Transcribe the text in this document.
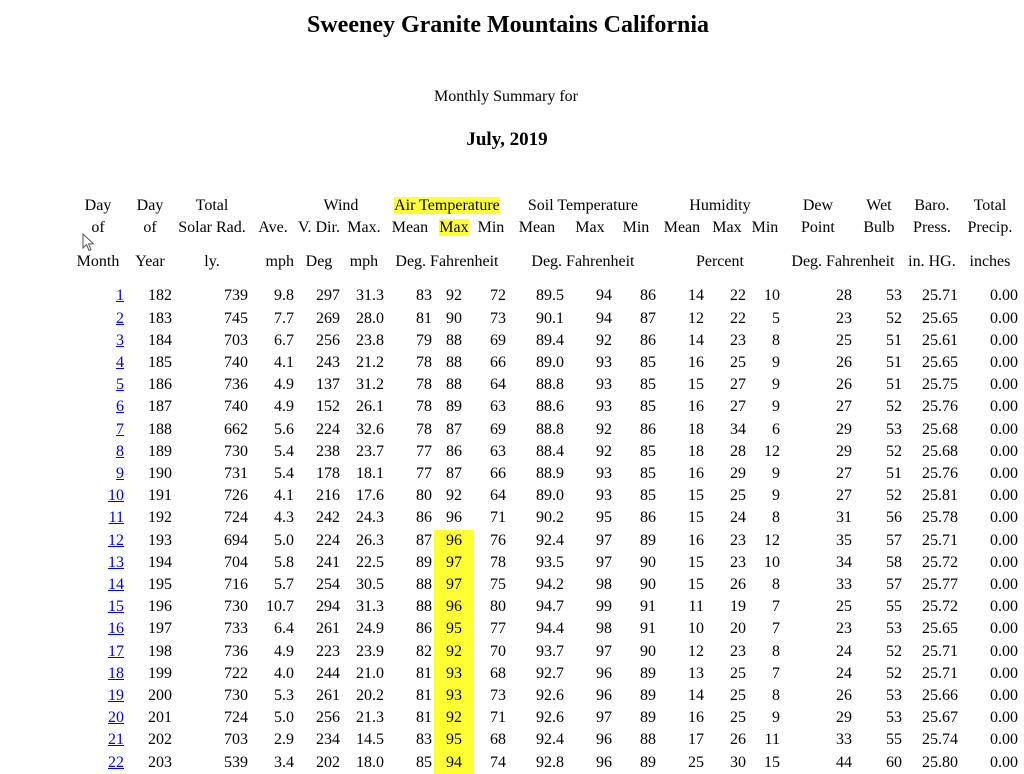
Sweeney Granite Mountains California

Monthly Summary for

July, 2019

Day	Day	Total		Wind		Air Temperature			Soil Temperature			Humidity			Dew	Wet	Baro.	Total
of	of	Solar Rad.	Ave.	V. Dir.	Max.	Mean	Max	Min	Mean	Max	Min	Mean	Max	Min	Point	Bulb	Press.	Precip.
Month	Year	ly.	mph	Deg	mph	Deg. Fahrenheit			Deg. Fahrenheit			Percent			Deg. Fahrenheit		in. HG.	inches
1	182	739	9.8	297	31.3	83	92	72	89.5	94	86	14	22	10	28	53	25.71	0.00
2	183	745	7.7	269	28.0	81	90	73	90.1	94	87	12	22	5	23	52	25.65	0.00
3	184	703	6.7	256	23.8	79	88	69	89.4	92	86	14	23	8	25	51	25.61	0.00
4	185	740	4.1	243	21.2	78	88	66	89.0	93	85	16	25	9	26	51	25.65	0.00
5	186	736	4.9	137	31.2	78	88	64	88.8	93	85	15	27	9	26	51	25.75	0.00
6	187	740	4.9	152	26.1	78	89	63	88.6	93	85	16	27	9	27	52	25.76	0.00
7	188	662	5.6	224	32.6	78	87	69	88.8	92	86	18	34	6	29	53	25.68	0.00
8	189	730	5.4	238	23.7	77	86	63	88.4	92	85	18	28	12	29	52	25.68	0.00
9	190	731	5.4	178	18.1	77	87	66	88.9	93	85	16	29	9	27	51	25.76	0.00
10	191	726	4.1	216	17.6	80	92	64	89.0	93	85	15	25	9	27	52	25.81	0.00
11	192	724	4.3	242	24.3	86	96	71	90.2	95	86	15	24	8	31	56	25.78	0.00
12	193	694	5.0	224	26.3	87	96	76	92.4	97	89	16	23	12	35	57	25.71	0.00
13	194	704	5.8	241	22.5	89	97	78	93.5	97	90	15	23	10	34	58	25.72	0.00
14	195	716	5.7	254	30.5	88	97	75	94.2	98	90	15	26	8	33	57	25.77	0.00
15	196	730	10.7	294	31.3	88	96	80	94.7	99	91	11	19	7	25	55	25.72	0.00
16	197	733	6.4	261	24.9	86	95	77	94.4	98	91	10	20	7	23	53	25.65	0.00
17	198	736	4.9	223	23.9	82	92	70	93.7	97	90	12	23	8	24	52	25.71	0.00
18	199	722	4.0	244	21.0	81	93	68	92.7	96	89	13	25	7	24	52	25.71	0.00
19	200	730	5.3	261	20.2	81	93	73	92.6	96	89	14	25	8	26	53	25.66	0.00
20	201	724	5.0	256	21.3	81	92	71	92.6	97	89	16	25	9	29	53	25.67	0.00
21	202	703	2.9	234	14.5	83	95	68	92.4	96	88	17	26	11	33	55	25.74	0.00
22	203	539	3.4	202	18.0	85	94	74	92.8	96	89	25	30	15	44	60	25.80	0.00
